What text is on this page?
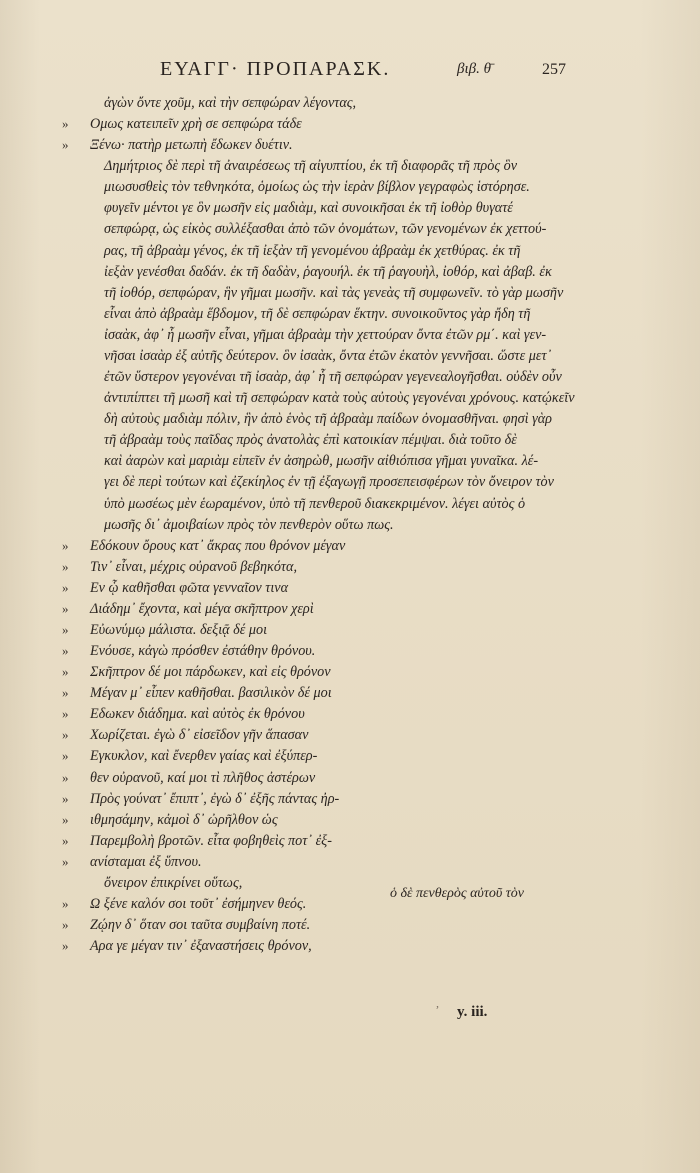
ΕΥΑΓΓ· ΠΡΟΠΑΡΑΣΚ.	βιβ. θ̄	257
ἀγὼν ὄντε χοῦμ, καὶ τὴν σεπφώραν λέγοντας,
» Ομως κατειπεῖν χρὴ σε σεπφώρα τάδε
» Ξένω· πατὴρ μετωπὴ ἔδωκεν δυέτιν.
Δημήτριος δὲ περὶ τῆ ἀναιρέσεως τῆ αἰγυπτίου, ἐκ τῆ διαφορᾶς τῆ πρὸς ὃν
μιωσυσθεὶς τὸν τεθνηκότα, ὁμοίως ὡς τὴν ἱερὰν βίβλον γεγραφὼς ἱστόρησε.
φυγεῖν μέντοι γε ὃν μωσῆν εἰς μαδιὰμ, καὶ συνοικῆσαι ἐκ τῆ ἰοθὸρ θυγατέ
σεπφώρᾳ, ὡς εἰκὸς συλλέξασθαι ἀπὸ τῶν ὀνομάτων, τῶν γενομένων ἐκ χεττού-
ρας, τῆ ἀβραὰμ γένος, ἐκ τῆ ἰεξὰν τῆ γενομένου ἀβραὰμ ἐκ χετθύρας. ἐκ τῆ
ἰεξὰν γενέσθαι δαδάν. ἐκ τῆ δαδὰν, ῥαγουήλ. ἐκ τῆ ῥαγουὴλ, ἰοθόρ, καὶ ἀβαβ. ἐκ
τῆ ἰοθόρ, σεπφώραν, ἣν γῆμαι μωσῆν. καὶ τὰς γενεὰς τῆ συμφωνεῖν. τὸ γὰρ μωσῆν
εἶναι ἀπὸ ἀβραὰμ ἕβδομον, τῆ δὲ σεπφώραν ἕκτην. συνοικοῦντος γὰρ ἤδη τῆ
ἰσαὰκ, ἀφ᾽ ἧ μωσῆν εἶναι, γῆμαι ἀβραὰμ τὴν χεττούραν ὄντα ἐτῶν ρμ΄. καὶ γεν-
νῆσαι ἰσαὰρ ἐξ αὐτῆς δεύτερον. ὃν ἰσαὰκ, ὄντα ἐτῶν ἑκατὸν γεννῆσαι. ὥστε μετ᾽
ἐτῶν ὕστερον γεγονέναι τῆ ἰσαὰρ, ἀφ᾽ ἧ τῆ σεπφώραν γεγενεαλογῆσθαι. οὐδὲν οὖν
ἀντιπίπτει τῆ μωσῆ καὶ τῆ σεπφώραν κατὰ τοὺς αὐτοὺς γεγονέναι χρόνους. κατῴκεῖν
δὴ αὐτοὺς μαδιὰμ πόλιν, ἣν ἀπὸ ἑνὸς τῆ ἀβραὰμ παίδων ὀνομασθῆναι. φησὶ γὰρ
τῆ ἀβραὰμ τοὺς παῖδας πρὸς ἀνατολὰς ἐπὶ κατοικίαν πέμψαι. διὰ τοῦτο δὲ
καὶ ἀαρὼν καὶ μαριὰμ εἰπεῖν ἐν ἀσηρὼθ, μωσῆν αἰθιόπισα γῆμαι γυναῖκα. λέ-
γει δὲ περὶ τούτων καὶ ἐζεκίηλος ἐν τῇ ἐξαγωγῇ προσεπεισφέρων τὸν ὄνειρον τὸν
ὑπὸ μωσέως μὲν ἑωραμένον, ὑπὸ τῆ πενθεροῦ διακεκριμένον. λέγει αὐτὸς ὁ
μωσῆς δι᾽ ἀμοιβαίων πρὸς τὸν πενθερὸν οὕτω πως.
» Εδόκουν ὄρους κατ᾽ ἄκρας που θρόνον μέγαν
» Τιν᾽ εἶναι, μέχρις οὐρανοῦ βεβηκότα,
» Εν ᾧ καθῆσθαι φῶτα γενναῖον τινα
» Διάδημ᾽ ἔχοντα, καὶ μέγα σκῆπτρον χερὶ
» Εὐωνύμῳ μάλιστα. δεξιᾷ δέ μοι
» Ενόυσε, κἀγὼ πρόσθεν ἐστάθην θρόνου.
» Σκῆπτρον δέ μοι πάρδωκεν, καὶ εἰς θρόνον
» Μέγαν μ᾽ εἶπεν καθῆσθαι. βασιλικὸν δέ μοι
» Εδωκεν διάδημα. καὶ αὐτὸς ἐκ θρόνου
» Χωρίζεται. ἐγὼ δ᾽ εἰσεῖδον γῆν ἅπασαν
» Εγκυκλον, καὶ ἔνερθεν γαίας καὶ ἐξύπερ-
» θεν οὐρανοῦ, καί μοι τὶ πλῆθος ἀστέρων
» Πρὸς γούνατ᾽ ἔπιπτ᾽, ἐγὼ δ᾽ ἐξῆς πάντας ἠρ-
» ιθμησάμην, κἀμοὶ δ᾽ ὠρῆλθον ὡς
» Παρεμβολὴ βροτῶν. εἶτα φοβηθεὶς ποτ᾽ ἐξ-
» ανίσταμαι ἐξ ὕπνου.
ὄνειρον ἐπικρίνει οὕτως,
» Ω ξένε καλόν σοι τοῦτ᾽ ἐσήμηνεν θεός.
» Ζῴην δ᾽ ὅταν σοι ταῦτα συμβαίνη ποτέ.
» Αρα γε μέγαν τιν᾽ ἐξαναστήσεις θρόνον,
ὁ δὲ πενθερὸς αὐτοῦ τὸν
,
y. iii.
